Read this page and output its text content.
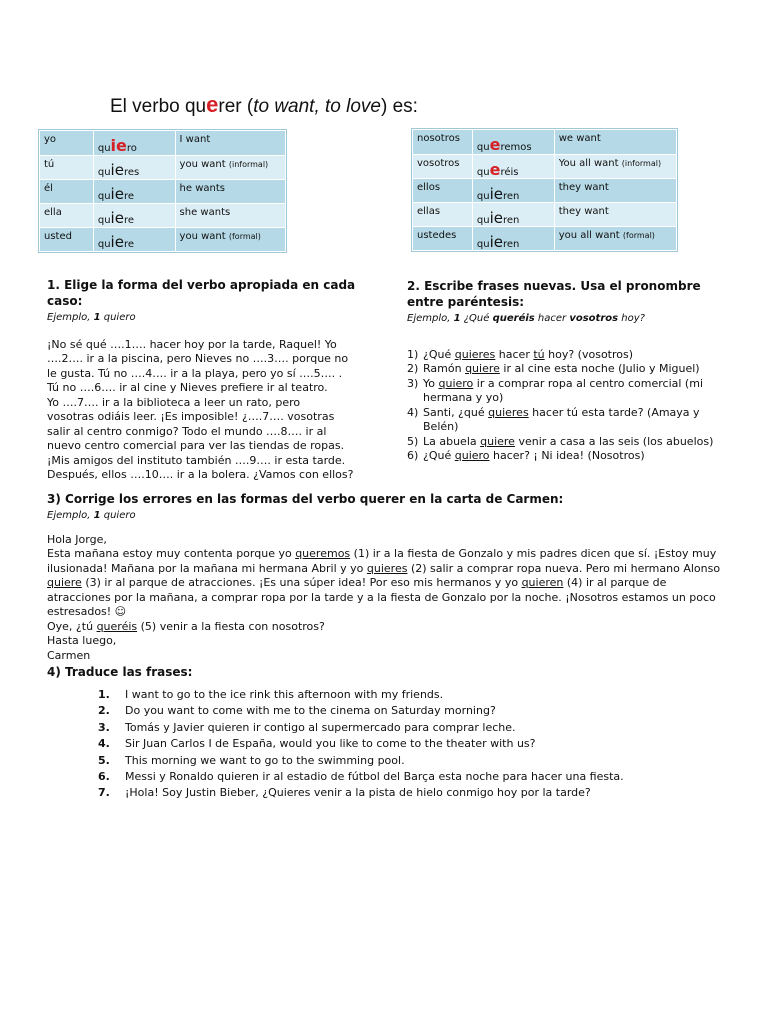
El verbo querer (to want, to love) es:
yo	quiero	I want
tú	quieres	you want (informal)
él	quiere	he wants
ella	quiere	she wants
usted	quiere	you want (formal)
nosotros	queremos	we want
vosotros	queréis	You all want (informal)
ellos	quieren	they want
ellas	quieren	they want
ustedes	quieren	you all want (formal)
1. Elige la forma del verbo apropiada en cada caso:
Ejemplo, 1 quiero
¡No sé qué ….1…. hacer hoy por la tarde, Raquel! Yo
….2…. ir a la piscina, pero Nieves no ….3…. porque no
le gusta. Tú no ….4…. ir a la playa, pero yo sí ….5…. .
Tú no ….6…. ir al cine y Nieves prefiere ir al teatro.
Yo ….7…. ir a la biblioteca a leer un rato, pero
vosotras odiáis leer. ¡Es imposible! ¿….7…. vosotras
salir al centro conmigo? Todo el mundo ….8…. ir al
nuevo centro comercial para ver las tiendas de ropas.
¡Mis amigos del instituto también ….9…. ir esta tarde.
Después, ellos ….10…. ir a la bolera. ¿Vamos con ellos?
2. Escribe frases nuevas. Usa el pronombre entre paréntesis:
Ejemplo, 1 ¿Qué queréis hacer vosotros hoy?
1) ¿Qué quieres hacer tú hoy? (vosotros)
2) Ramón quiere ir al cine esta noche (Julio y Miguel)
3) Yo quiero ir a comprar ropa al centro comercial (mi hermana y yo)
4) Santi, ¿qué quieres hacer tú esta tarde? (Amaya y Belén)
5) La abuela quiere venir a casa a las seis (los abuelos)
6) ¿Qué quiero hacer? ¡ Ni idea! (Nosotros)
3) Corrige los errores en las formas del verbo querer en la carta de Carmen:
Ejemplo, 1 quiero
Hola Jorge,
Esta mañana estoy muy contenta porque yo queremos (1) ir a la fiesta de Gonzalo y mis padres dicen que sí. ¡Estoy muy ilusionada! Mañana por la mañana mi hermana Abril y yo quieres (2) salir a comprar ropa nueva. Pero mi hermano Alonso quiere (3) ir al parque de atracciones. ¡Es una súper idea! Por eso mis hermanos y yo quieren (4) ir al parque de atracciones por la mañana, a comprar ropa por la tarde y a la fiesta de Gonzalo por la noche. ¡Nosotros estamos un poco estresados! ☺
Oye, ¿tú queréis (5) venir a la fiesta con nosotros?
Hasta luego,
Carmen
4) Traduce las frases:
1. I want to go to the ice rink this afternoon with my friends.
2. Do you want to come with me to the cinema on Saturday morning?
3. Tomás y Javier quieren ir contigo al supermercado para comprar leche.
4. Sir Juan Carlos I de España, would you like to come to the theater with us?
5. This morning we want to go to the swimming pool.
6. Messi y Ronaldo quieren ir al estadio de fútbol del Barça esta noche para hacer una fiesta.
7. ¡Hola! Soy Justin Bieber, ¿Quieres venir a la pista de hielo conmigo hoy por la tarde?
